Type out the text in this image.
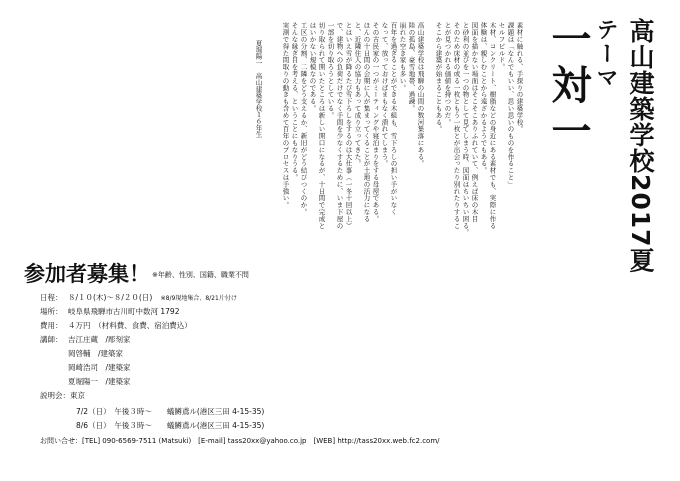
高山建築学校2017夏
テーマ
一対一
素材に触れる、手探りの建築学校。
課題は「なんでもいい、思い思いのものを作ること」
セルフビルド。
木材、コンクリート、樹脂などの身近にある素材でも、実際に作る
体験は、親しむことから遠ざかるようでもある。
図面を描かない場面はそこそこありふれていて、例えば床の木目
と砂利の並びを一つの物として見てしまう時、図面はちいちい困る。
そのため床材の或る一枚ともう一枚とが出会ったり別れたりするこ
とが見つかれる価値を持つのだ。
そこから建築が始まることもある。
高山建築学校は飛騨の山間の数河集落にある。
陸の孤島、豪雪地帯、過疎。
崩れた空き家も多い。
百年を過ぎることができる木組も、雪下ろしの担い手がいなく
なって、放っておけばまもなく潰れてしまう。
その古民家の一つがミーティングや寝泊まりをする母屋である。
ほんの十日間の会期に人が集まってくることが土地の活力になる
と、近隣住人の協力もあって成り立ってきた。
とはいえ雪が降るたび雪下ろしをするのは大仕事（一冬十回以上）
で、建物への負荷だけでなく手間を少なくするために、いま下屋の
一部を切り取ろうとしている。
切り取られて開いたところは新しい開口になるが、十日間で完成と
はいかない規模なのである。
工区の分割、二隣をどう支えるか、新旧がどう結びつくのか。
そんな縁ぎ目を考える、ということにもなりうる。
実測で得た間取りの動きも含めて百年のプロセスは手強い。
夏堀陽一　高山建築学校１６年生
参加者募集！ ※年齢、性別、国籍、職業不問
日程： ８/１０(木)～８/２０(日) ※8/9現地集合、8/21片付け
場所： 岐阜県飛騨市古川町中数河 1792
費用： ４万円　（材料費、食費、宿泊費込）
講師： 吉江庄蔵　/彫刻家
岡啓輔　/建築家
岡崎浩司　/建築家
夏堀陽一　/建築家
説明会：東京
7/2（日）　午後３時～　　蟻鱒鳶ル(港区三田 4-15-35)
8/6（日）　午後３時～　　蟻鱒鳶ル(港区三田 4-15-35)
お問い合せ：[TEL] 090-6569-7511 (Matsuki)　[E-mail] tass20xx@yahoo.co.jp　[WEB] http://tass20xx.web.fc2.com/
